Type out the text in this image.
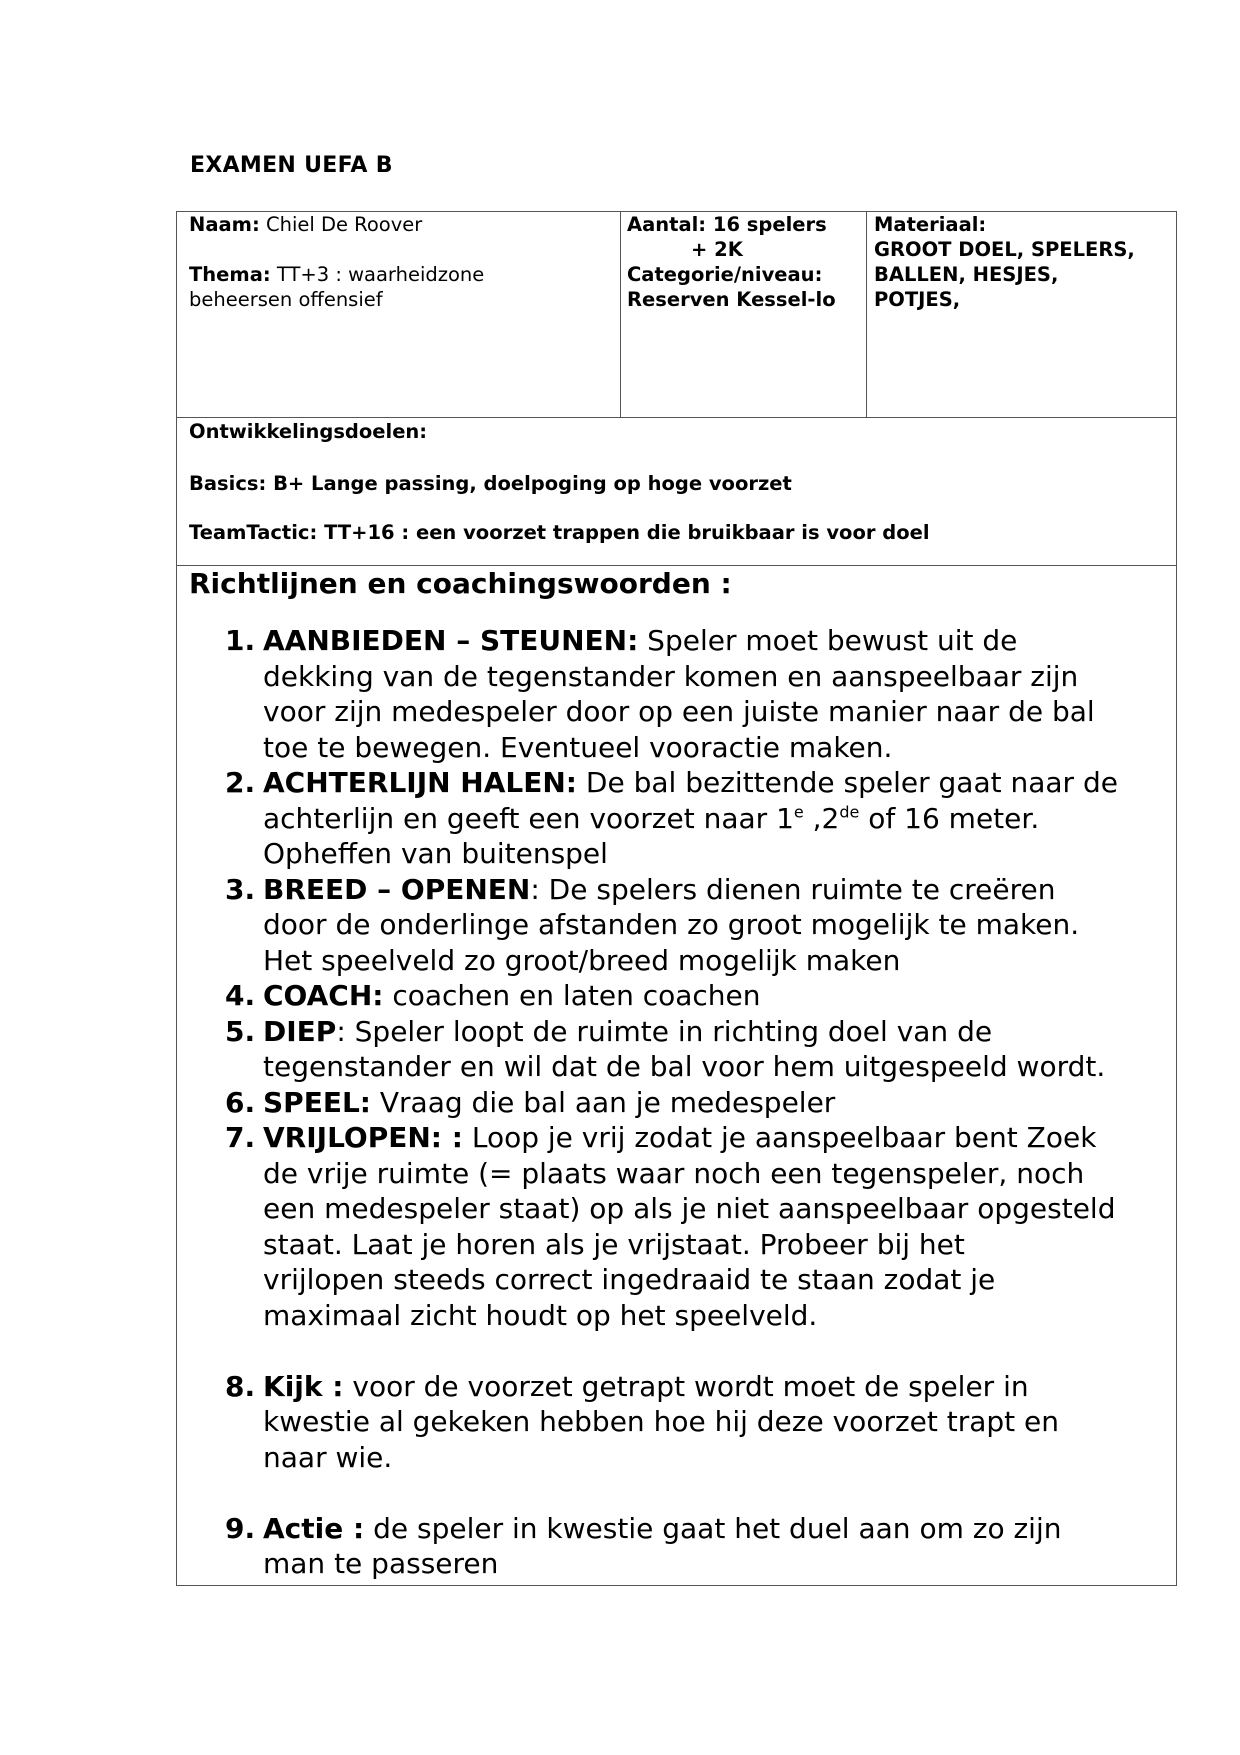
EXAMEN UEFA B
Naam: Chiel De Roover
Thema: TT+3 : waarheidzone
beheersen offensief
Aantal: 16 spelers
+ 2K
Categorie/niveau:
Reserven Kessel-lo
Materiaal:
GROOT DOEL, SPELERS,
BALLEN, HESJES,
POTJES,
Ontwikkelingsdoelen:
Basics: B+ Lange passing, doelpoging op hoge voorzet
TeamTactic: TT+16 : een voorzet trappen die bruikbaar is voor doel
Richtlijnen en coachingswoorden :
1. AANBIEDEN – STEUNEN: Speler moet bewust uit de
dekking van de tegenstander komen en aanspeelbaar zijn
voor zijn medespeler door op een juiste manier naar de bal
toe te bewegen. Eventueel vooractie maken.
2. ACHTERLIJN HALEN: De bal bezittende speler gaat naar de
achterlijn en geeft een voorzet naar 1e ,2de of 16 meter.
Opheffen van buitenspel
3. BREED – OPENEN: De spelers dienen ruimte te creëren
door de onderlinge afstanden zo groot mogelijk te maken.
Het speelveld zo groot/breed mogelijk maken
4. COACH: coachen en laten coachen
5. DIEP: Speler loopt de ruimte in richting doel van de
tegenstander en wil dat de bal voor hem uitgespeeld wordt.
6. SPEEL: Vraag die bal aan je medespeler
7. VRIJLOPEN: : Loop je vrij zodat je aanspeelbaar bent Zoek
de vrije ruimte (= plaats waar noch een tegenspeler, noch
een medespeler staat) op als je niet aanspeelbaar opgesteld
staat. Laat je horen als je vrijstaat. Probeer bij het
vrijlopen steeds correct ingedraaid te staan zodat je
maximaal zicht houdt op het speelveld.
8. Kijk : voor de voorzet getrapt wordt moet de speler in
kwestie al gekeken hebben hoe hij deze voorzet trapt en
naar wie.
9. Actie : de speler in kwestie gaat het duel aan om zo zijn
man te passeren
